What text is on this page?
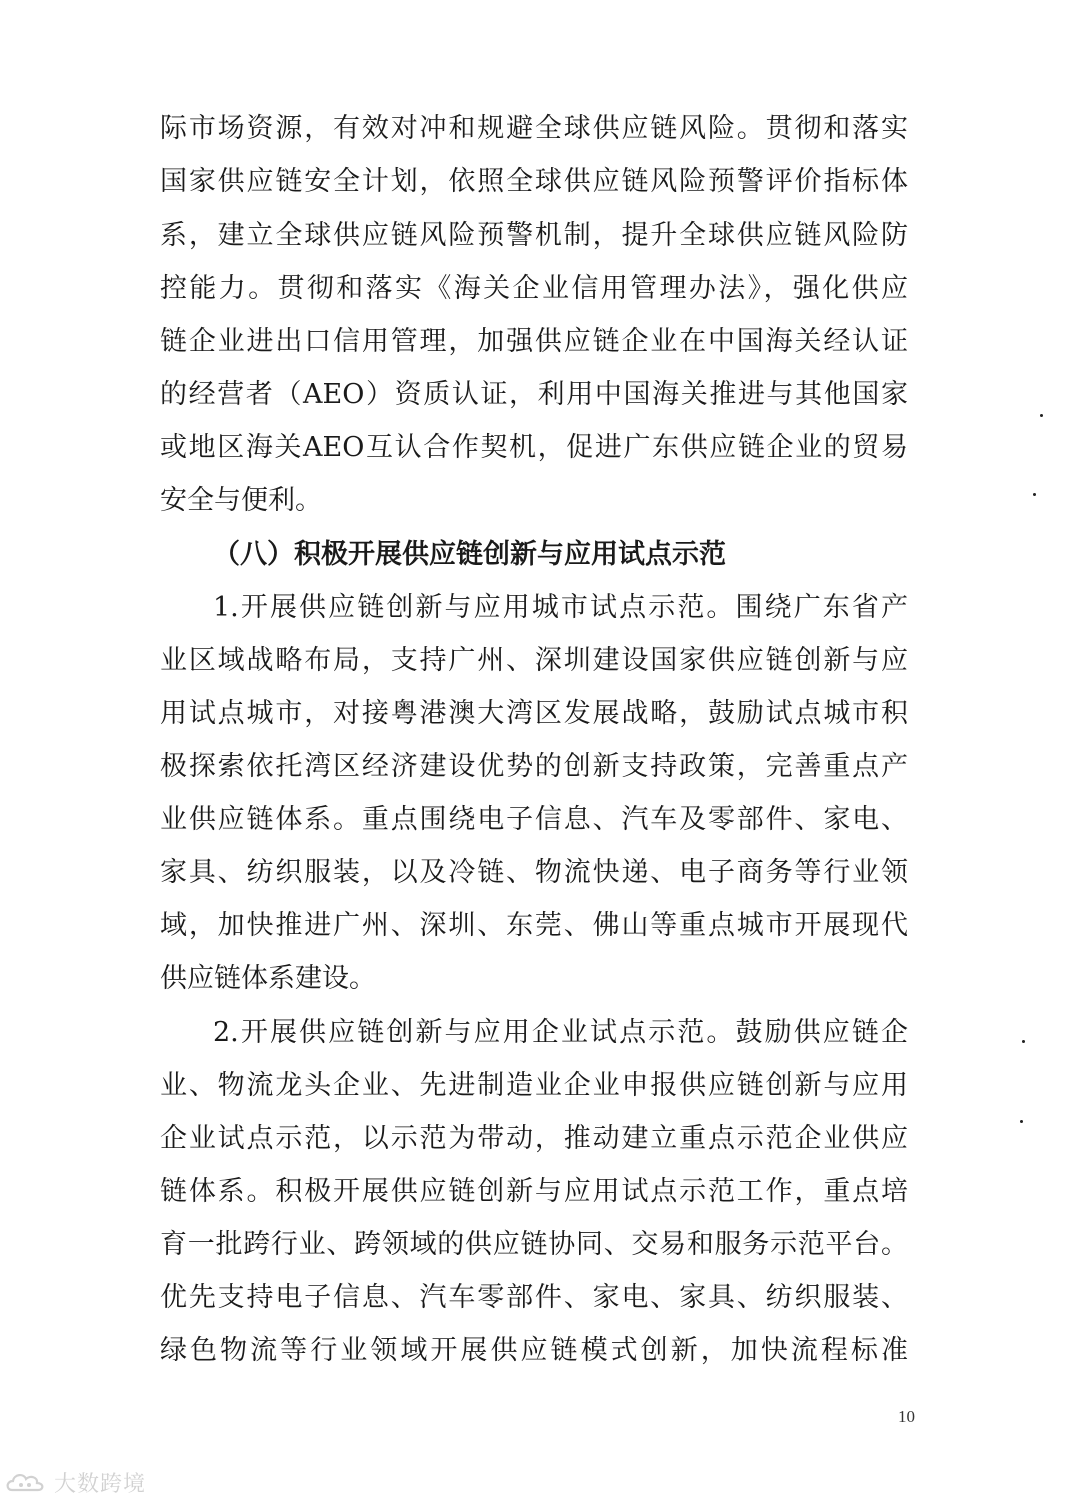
际市场资源，有效对冲和规避全球供应链风险。贯彻和落实
国家供应链安全计划，依照全球供应链风险预警评价指标体
系，建立全球供应链风险预警机制，提升全球供应链风险防
控能力。贯彻和落实《海关企业信用管理办法》，强化供应
链企业进出口信用管理，加强供应链企业在中国海关经认证
的经营者（AEO）资质认证，利用中国海关推进与其他国家
或地区海关AEO互认合作契机，促进广东供应链企业的贸易
安全与便利。
（八）积极开展供应链创新与应用试点示范
1.开展供应链创新与应用城市试点示范。围绕广东省产
业区域战略布局，支持广州、深圳建设国家供应链创新与应
用试点城市，对接粤港澳大湾区发展战略，鼓励试点城市积
极探索依托湾区经济建设优势的创新支持政策，完善重点产
业供应链体系。重点围绕电子信息、汽车及零部件、家电、
家具、纺织服装，以及冷链、物流快递、电子商务等行业领
域，加快推进广州、深圳、东莞、佛山等重点城市开展现代
供应链体系建设。
2.开展供应链创新与应用企业试点示范。鼓励供应链企
业、物流龙头企业、先进制造业企业申报供应链创新与应用
企业试点示范，以示范为带动，推动建立重点示范企业供应
链体系。积极开展供应链创新与应用试点示范工作，重点培
育一批跨行业、跨领域的供应链协同、交易和服务示范平台。
优先支持电子信息、汽车零部件、家电、家具、纺织服装、
绿色物流等行业领域开展供应链模式创新，加快流程标准
10
大数跨境
